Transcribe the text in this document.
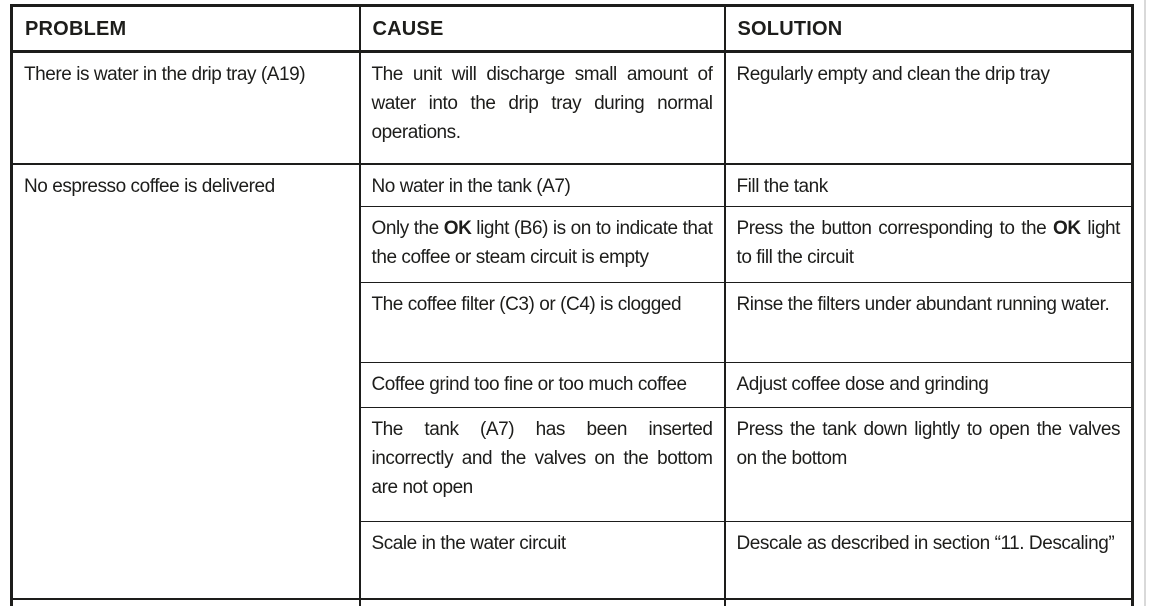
PROBLEM	CAUSE	SOLUTION
There is water in the drip tray (A19)	The unit will discharge small amount of water into the drip tray during normal operations.	Regularly empty and clean the drip tray
No espresso coffee is delivered	No water in the tank (A7)	Fill the tank
	Only the OK light (B6) is on to indicate that the coffee or steam circuit is empty	Press the button corresponding to the OK light to fill the circuit
	The coffee filter (C3) or (C4) is clogged	Rinse the filters under abundant running water.
	Coffee grind too fine or too much coffee	Adjust coffee dose and grinding
	The tank (A7) has been inserted incorrectly and the valves on the bottom are not open	Press the tank down lightly to open the valves on the bottom
	Scale in the water circuit	Descale as described in section “11. Descaling”
